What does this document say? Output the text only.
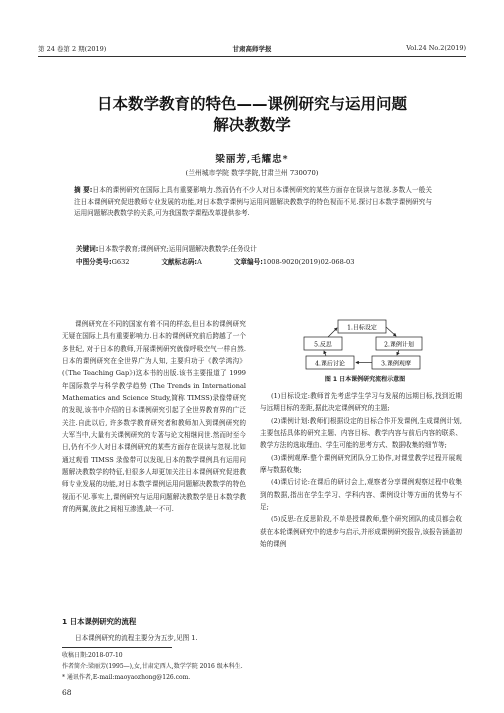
第 24 卷第 2 期(2019)	甘肃高师学报	Vol.24 No.2(2019)
日本数学教育的特色——课例研究与运用问题
解决教数学
梁丽芳,毛耀忠*
(兰州城市学院 数学学院,甘肃兰州 730070)
摘 要:日本的课例研究在国际上具有重要影响力.然而仍有不少人对日本课例研究的某些方面存在误读与忽视.多数人一般关注日本课例研究促进教师专业发展的功能,对日本数学课例与运用问题解决教数学的特色视而不见.探讨日本数学课例研究与运用问题解决教数学的关系,可为我国数学课程改革提供参考.
关键词:日本数学教育;课例研究;运用问题解决教数学;任务设计
中图分类号:G632	文献标志码:A	文章编号:1008-9020(2019)02-068-03
课例研究在不同的国家有着不同的样态,但日本的课例研究无疑在国际上具有重要影响力.日本的课例研究前后跨越了一个多世纪, 对于日本的教师,开展课例研究就像呼吸空气一样自然.日本的课例研究在全世界广为人知, 主要归功于《教学鸿沟》(《The Teaching Gap》)这本书的出版.该书主要报道了 1999年国际数学与科学教学趋势 (The Trends in International Mathematics and Science Study,简称 TIMSS)录像带研究的发现,该书中介绍的日本课例研究引起了全世界教育界的广泛关注.自此以后, 许多数学教育研究者和教师加入到课例研究的大军当中,大量有关课例研究的专著与论文相继问世.然而时至今日,仍有不少人对日本课例研究的某些方面存在误读与忽视.比如通过观看 TIMSS 录像带可以发现,日本的数学课例具有运用问题解决教数学的特征,但很多人却更加关注日本课例研究促进教师专业发展的功能,对日本数学课例运用问题解决教数学的特色视而不见.事实上,课例研究与运用问题解决教数学是日本数学教育的两翼,彼此之间相互渗透,缺一不可.
1 日本课例研究的流程
日本课例研究的流程主要分为五步,见图 1.
1.目标设定
2.课例计划
3.课例观摩
4.课后讨论
5.反思
图 1 日本课例研究流程示意图

(1)目标设定:教师首先考虑学生学习与发展的远期目标,找到近期与远期目标的差距,据此决定课例研究的主题;

(2)课例计划:教师们根据设定的目标合作开发课例,生成课例计划,主要包括具体的研究主题、内容目标、教学内容与前后内容的联系、教学方法的选取理由、学生可能的思考方式、数据收集的细节等;

(3)课例观摩:整个课例研究团队分工协作,对课堂教学过程开展观摩与数据收集;

(4)课后讨论:在课后的研讨会上,观察者分享课例观察过程中收集到的数据,指出在学生学习、学科内容、课例设计等方面的优势与不足;

(5)反思:在反思阶段,不单是授课教师,整个研究团队的成员都会收获在本轮课例研究中的进步与启示,并形成课例研究报告,该报告涵盖初始的课例

收稿日期:2018-07-10
作者简介:梁丽芳(1995—),女,甘肃定西人,数学学院 2016 级本科生.
* 通讯作者,E-mail:maoyaozhong@126.com.
68
